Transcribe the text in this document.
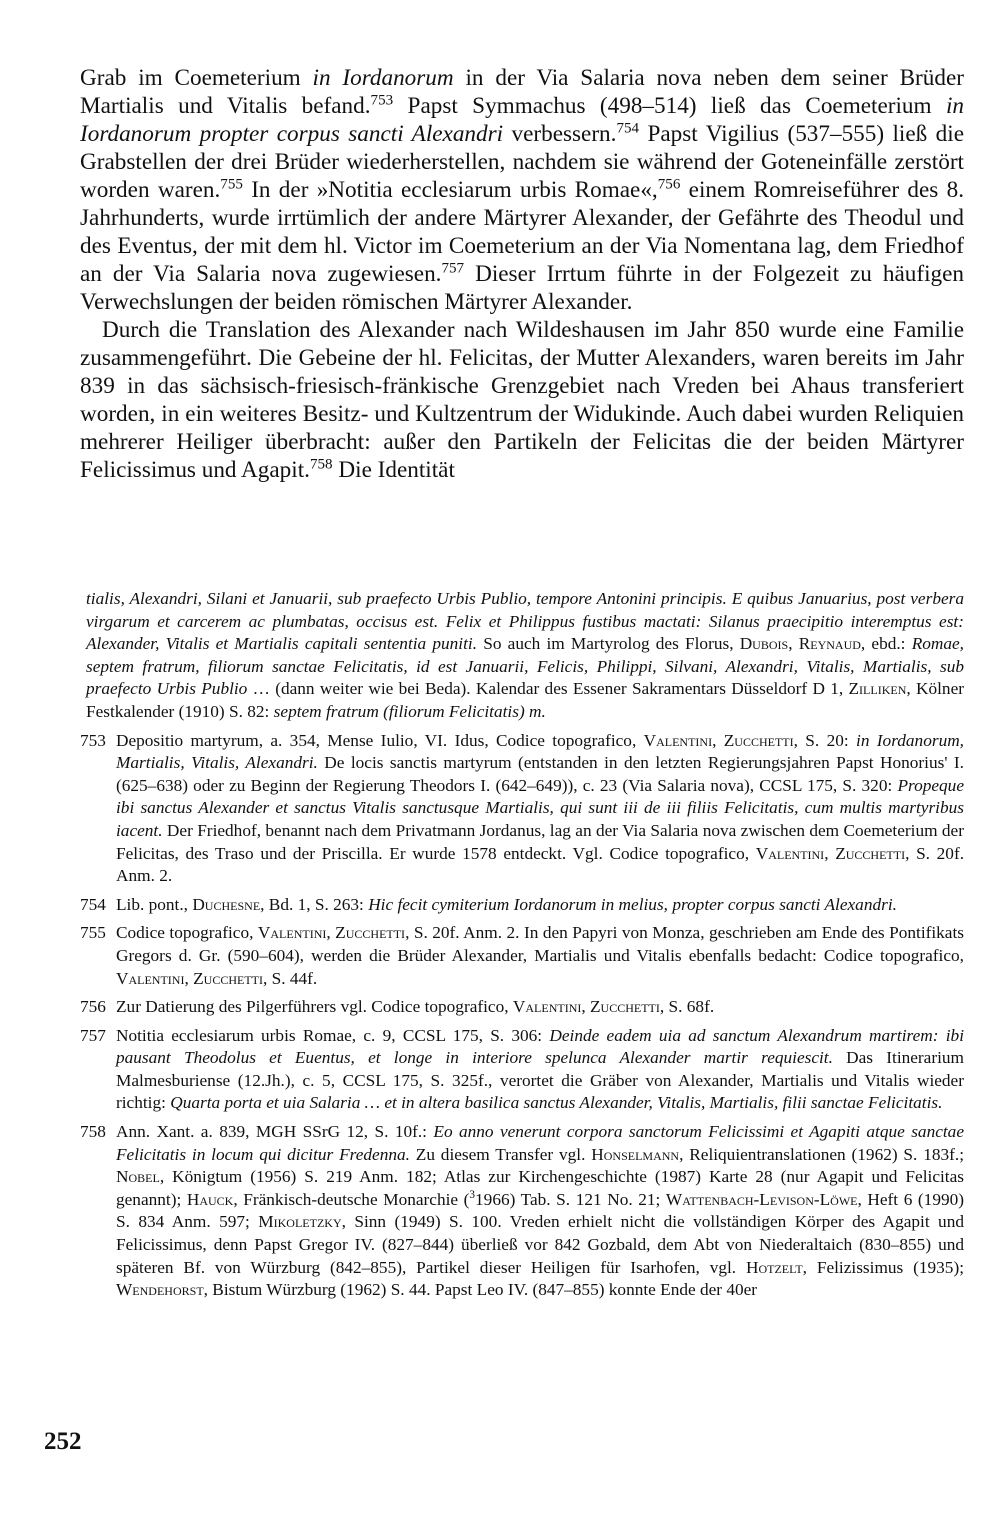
Grab im Coemeterium in Iordanorum in der Via Salaria nova neben dem seiner Brüder Martialis und Vitalis befand.$^{753}$ Papst Symmachus (498–514) ließ das Coemeterium in Iordanorum propter corpus sancti Alexandri verbessern.$^{754}$ Papst Vigilius (537–555) ließ die Grabstellen der drei Brüder wiederherstellen, nachdem sie während der Goteneinfälle zerstört worden waren.$^{755}$ In der »Notitia ecclesiarum urbis Romae«,$^{756}$ einem Romreiseführer des 8. Jahrhunderts, wurde irrtümlich der andere Märtyrer Alexander, der Gefährte des Theodul und des Eventus, der mit dem hl. Victor im Coemeterium an der Via Nomentana lag, dem Friedhof an der Via Salaria nova zugewiesen.$^{757}$ Dieser Irrtum führte in der Folgezeit zu häufigen Verwechslungen der beiden römischen Märtyrer Alexander.

Durch die Translation des Alexander nach Wildeshausen im Jahr 850 wurde eine Familie zusammengeführt. Die Gebeine der hl. Felicitas, der Mutter Alexanders, waren bereits im Jahr 839 in das sächsisch-friesisch-fränkische Grenzgebiet nach Vreden bei Ahaus transferiert worden, in ein weiteres Besitz- und Kultzentrum der Widukinde. Auch dabei wurden Reliquien mehrerer Heiliger überbracht: außer den Partikeln der Felicitas die der beiden Märtyrer Felicissimus und Agapit.$^{758}$ Die Identität

tialis, Alexandri, Silani et Januarii, sub praefecto Urbis Publio, tempore Antonini principis. E quibus Januarius, post verbera virgarum et carcerem ac plumbatas, occisus est. Felix et Philippus fustibus mactati: Silanus praecipitio interemptus est: Alexander, Vitalis et Martialis capitali sententia puniti. So auch im Martyrolog des Florus, Dubois, Reynaud, ebd.: Romae, septem fratrum, filiorum sanctae Felicitatis, id est Januarii, Felicis, Philippi, Silvani, Alexandri, Vitalis, Martialis, sub praefecto Urbis Publio … (dann weiter wie bei Beda). Kalendar des Essener Sakramentars Düsseldorf D 1, Zilliken, Kölner Festkalender (1910) S. 82: septem fratrum (filiorum Felicitatis) m.
753 Depositio martyrum, a. 354, Mense Iulio, VI. Idus, Codice topografico, Valentini, Zucchetti, S. 20: in Iordanorum, Martialis, Vitalis, Alexandri. De locis sanctis martyrum (entstanden in den letzten Regierungsjahren Papst Honorius' I. (625–638) oder zu Beginn der Regierung Theodors I. (642–649)), c. 23 (Via Salaria nova), CCSL 175, S. 320: Propeque ibi sanctus Alexander et sanctus Vitalis sanctusque Martialis, qui sunt iii de iii filiis Felicitatis, cum multis martyribus iacent. Der Friedhof, benannt nach dem Privatmann Jordanus, lag an der Via Salaria nova zwischen dem Coemeterium der Felicitas, des Traso und der Priscilla. Er wurde 1578 entdeckt. Vgl. Codice topografico, Valentini, Zucchetti, S. 20f. Anm. 2.
754 Lib. pont., Duchesne, Bd. 1, S. 263: Hic fecit cymiterium Iordanorum in melius, propter corpus sancti Alexandri.
755 Codice topografico, Valentini, Zucchetti, S. 20f. Anm. 2. In den Papyri von Monza, geschrieben am Ende des Pontifikats Gregors d. Gr. (590–604), werden die Brüder Alexander, Martialis und Vitalis ebenfalls bedacht: Codice topografico, Valentini, Zucchetti, S. 44f.
756 Zur Datierung des Pilgerführers vgl. Codice topografico, Valentini, Zucchetti, S. 68f.
757 Notitia ecclesiarum urbis Romae, c. 9, CCSL 175, S. 306: Deinde eadem uia ad sanctum Alexandrum martirem: ibi pausant Theodolus et Euentus, et longe in interiore spelunca Alexander martir requiescit. Das Itinerarium Malmesburiense (12.Jh.), c. 5, CCSL 175, S. 325f., verortet die Gräber von Alexander, Martialis und Vitalis wieder richtig: Quarta porta et uia Salaria … et in altera basilica sanctus Alexander, Vitalis, Martialis, filii sanctae Felicitatis.
758 Ann. Xant. a. 839, MGH SSrG 12, S. 10f.: Eo anno venerunt corpora sanctorum Felicissimi et Agapiti atque sanctae Felicitatis in locum qui dicitur Fredenna. Zu diesem Transfer vgl. Honselmann, Reliquientranslationen (1962) S. 183f.; Nobel, Königtum (1956) S. 219 Anm. 182; Atlas zur Kirchengeschichte (1987) Karte 28 (nur Agapit und Felicitas genannt); Hauck, Fränkisch-deutsche Monarchie ($^3$1966) Tab. S. 121 No. 21; Wattenbach-Levison-Löwe, Heft 6 (1990) S. 834 Anm. 597; Mikoletzky, Sinn (1949) S. 100. Vreden erhielt nicht die vollständigen Körper des Agapit und Felicissimus, denn Papst Gregor IV. (827–844) überließ vor 842 Gozbald, dem Abt von Niederaltaich (830–855) und späteren Bf. von Würzburg (842–855), Partikel dieser Heiligen für Isarhofen, vgl. Hotzelt, Felizissimus (1935); Wendehorst, Bistum Würzburg (1962) S. 44. Papst Leo IV. (847–855) konnte Ende der 40er
252
